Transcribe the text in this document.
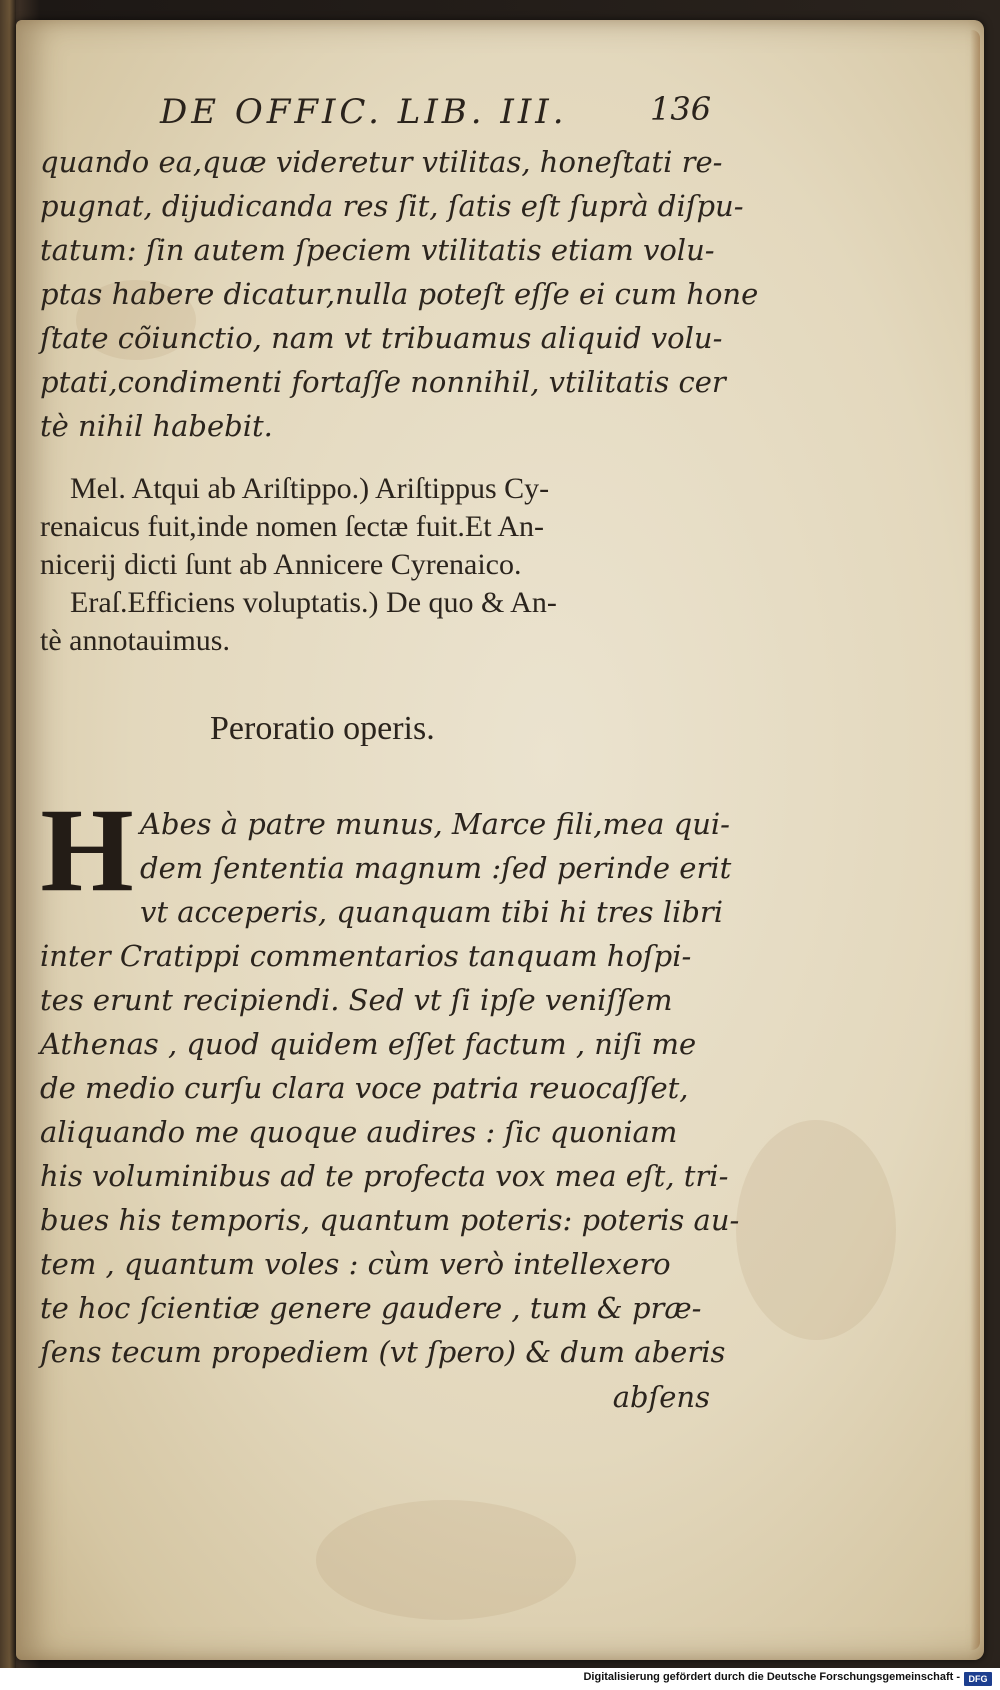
DE OFFIC. LIB. III.	136
quando ea,quæ videretur vtilitas, honeſtati re-
pugnat, dijudicanda res ſit, ſatis eſt ſuprà diſpu-
tatum: ſin autem ſpeciem vtilitatis etiam volu-
ptas habere dicatur,nulla poteſt eſſe ei cum hone
ſtate cõiunctio, nam vt tribuamus aliquid volu-
ptati,condimenti fortaſſe nonnihil, vtilitatis cer
tè nihil habebit.
Mel. Atqui ab Ariſtippo.) Ariſtippus Cy-
renaicus fuit,inde nomen ſectæ fuit.Et An-
nicerij dicti ſunt ab Annicere Cyrenaico.
Eraſ.Efficiens voluptatis.) De quo & An-
tè annotauimus.
Peroratio operis.
H Abes à patre munus, Marce fili,mea qui-
dem ſententia magnum :ſed perinde erit
vt acceperis, quanquam tibi hi tres libri
inter Cratippi commentarios tanquam hoſpi-
tes erunt recipiendi. Sed vt ſi ipſe veniſſem
Athenas , quod quidem eſſet factum , niſi me
de medio curſu clara voce patria reuocaſſet,
aliquando me quoque audires : ſic quoniam
his voluminibus ad te profecta vox mea eſt, tri-
bues his temporis, quantum poteris: poteris au-
tem , quantum voles : cùm verò intellexero
te hoc ſcientiæ genere gaudere , tum & præ-
ſens tecum propediem (vt ſpero) & dum aberis
abſens
Digitalisierung gefördert durch die Deutsche Forschungsgemeinschaft - DFG
